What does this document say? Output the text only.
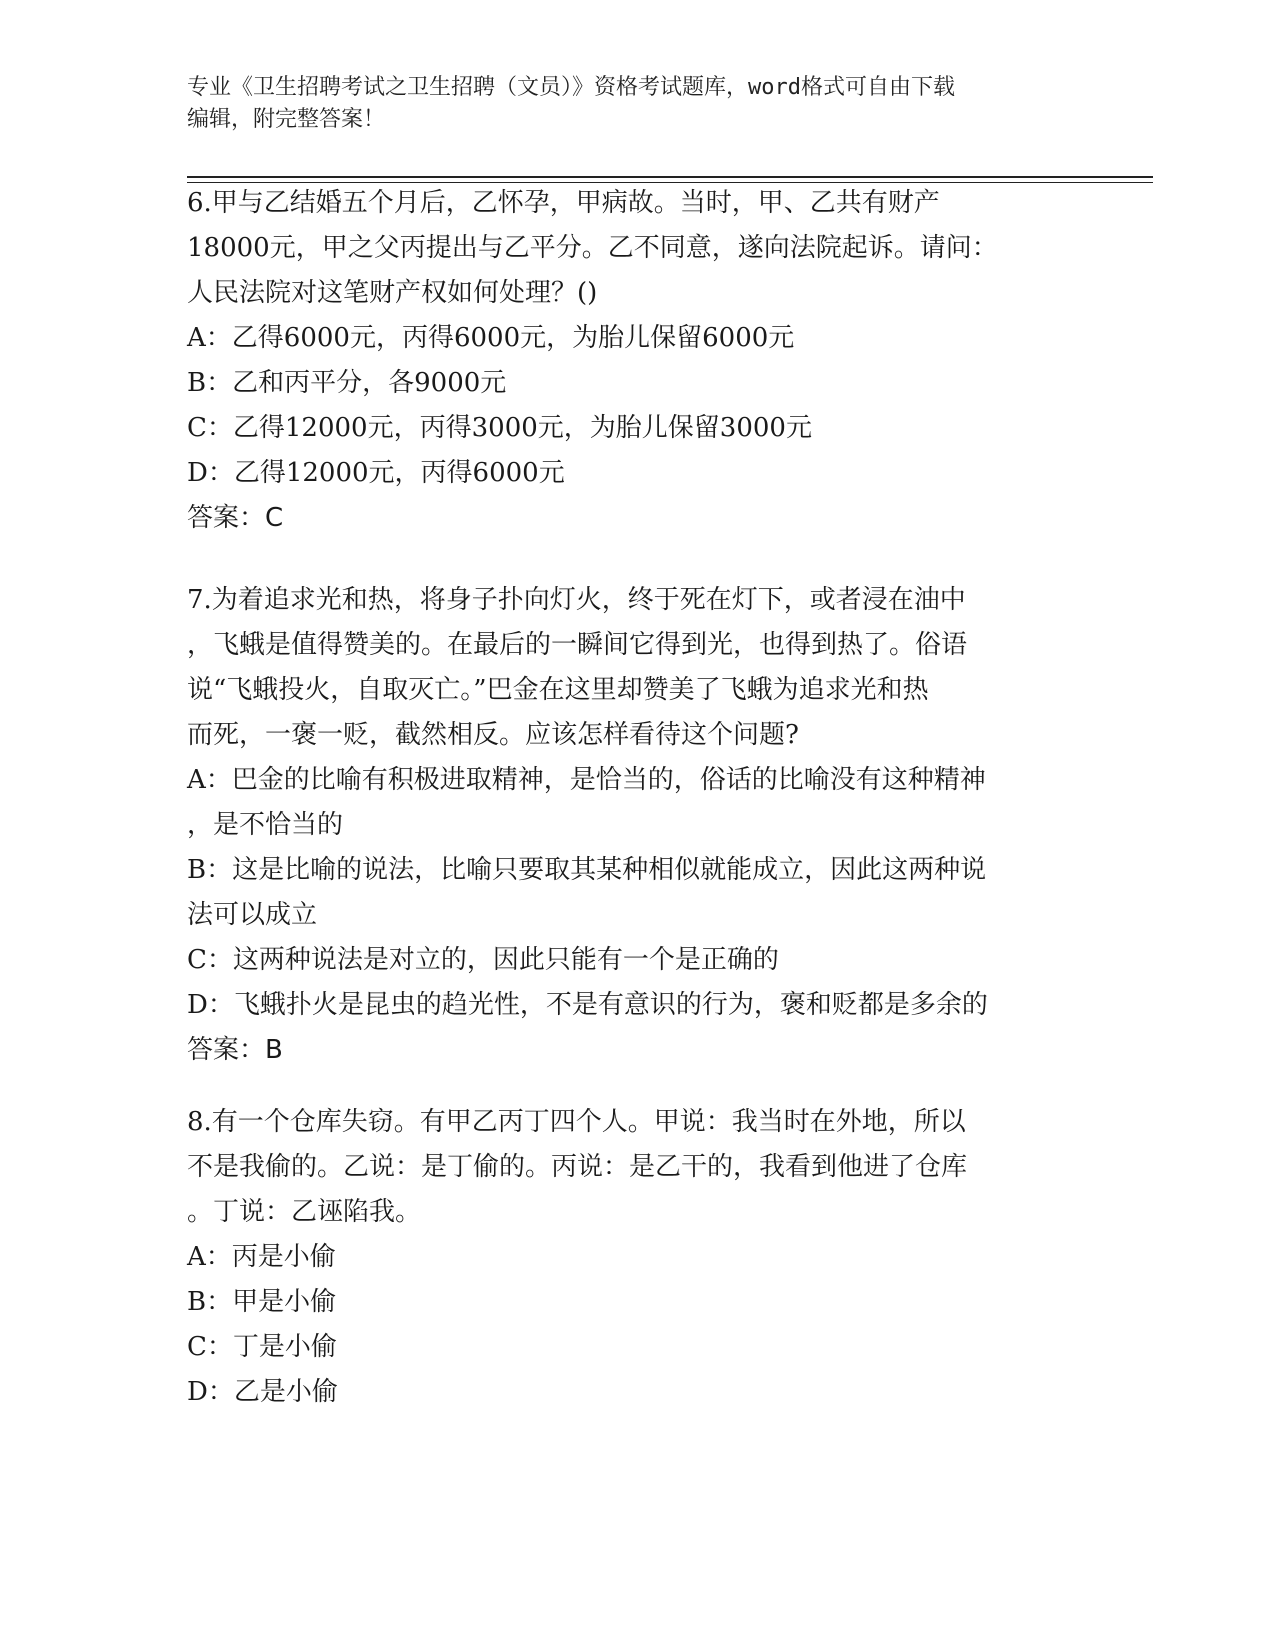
专业《卫生招聘考试之卫生招聘（文员）》资格考试题库，word格式可自由下载
编辑，附完整答案！
6.甲与乙结婚五个月后，乙怀孕，甲病故。当时，甲、乙共有财产
18000元，甲之父丙提出与乙平分。乙不同意，遂向法院起诉。请问：
人民法院对这笔财产权如何处理？()
A：乙得6000元，丙得6000元，为胎儿保留6000元
B：乙和丙平分，各9000元
C：乙得12000元，丙得3000元，为胎儿保留3000元
D：乙得12000元，丙得6000元
答案：C
7.为着追求光和热，将身子扑向灯火，终于死在灯下，或者浸在油中
，飞蛾是值得赞美的。在最后的一瞬间它得到光，也得到热了。俗语
说“飞蛾投火，自取灭亡。”巴金在这里却赞美了飞蛾为追求光和热
而死，一褒一贬，截然相反。应该怎样看待这个问题?
A：巴金的比喻有积极进取精神，是恰当的，俗话的比喻没有这种精神
，是不恰当的
B：这是比喻的说法，比喻只要取其某种相似就能成立，因此这两种说
法可以成立
C：这两种说法是对立的，因此只能有一个是正确的
D：飞蛾扑火是昆虫的趋光性，不是有意识的行为，褒和贬都是多余的
答案：B
8.有一个仓库失窃。有甲乙丙丁四个人。甲说：我当时在外地，所以
不是我偷的。乙说：是丁偷的。丙说：是乙干的，我看到他进了仓库
。丁说：乙诬陷我。
A：丙是小偷
B：甲是小偷
C：丁是小偷
D：乙是小偷
